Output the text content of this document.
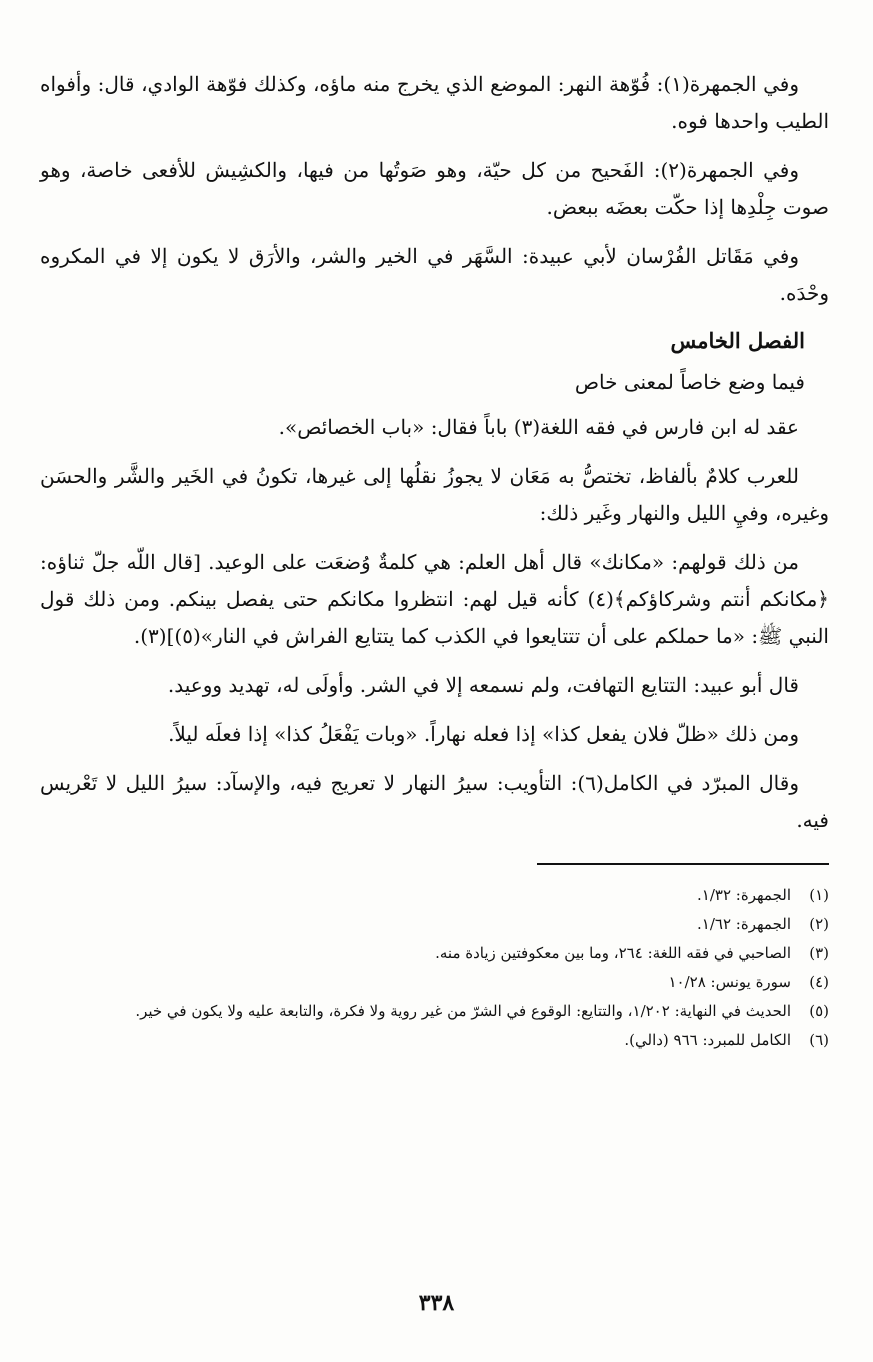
وفي الجمهرة(١): فُوّهة النهر: الموضع الذي يخرج منه ماؤه، وكذلك فوّهة الوادي، قال: وأفواه الطيب واحدها فوه.

وفي الجمهرة(٢): الفَحيح من كل حيّة، وهو صَوتُها من فيها، والكشِيش للأفعى خاصة، وهو صوت جِلْدِها إذا حكّت بعضَه ببعض.

وفي مَقَاتل الفُرْسان لأبي عبيدة: السَّهَر في الخير والشر، والأرَق لا يكون إلا في المكروه وحْدَه.

الفصل الخامس

فيما وضع خاصاً لمعنى خاص

عقد له ابن فارس في فقه اللغة(٣) باباً فقال: «باب الخصائص».

للعرب كلامٌ بألفاظ، تختصُّ به مَعَان لا يجوزُ نقلُها إلى غيرها، تكونُ في الخَير والشَّر والحسَن وغيره، وفيِ الليل والنهار وغَير ذلك:

من ذلك قولهم: «مكانك» قال أهل العلم: هي كلمةٌ وُضعَت على الوعيد. [قال اللّه جلّ ثناؤه: ﴿مكانكم أنتم وشركاؤكم﴾(٤) كأنه قيل لهم: انتظروا مكانكم حتى يفصل بينكم. ومن ذلك قول النبي ﷺ: «ما حملكم على أن تتتايعوا في الكذب كما يتتايع الفراش في النار»(٥)](٣).

قال أبو عبيد: التتايع التهافت، ولم نسمعه إلا في الشر. وأولَى له، تهديد ووعيد.

ومن ذلك «ظلّ فلان يفعل كذا» إذا فعله نهاراً. «وبات يَفْعَلُ كذا» إذا فعلَه ليلاً.

وقال المبرّد في الكامل(٦): التأويب: سيرُ النهار لا تعريج فيه، والإسآد: سيرُ الليل لا تَعْريس فيه.

(١)
الجمهرة: ١/٣٢.
(٢)
الجمهرة: ١/٦٢.
(٣)
الصاحبي في فقه اللغة: ٢٦٤، وما بين معكوفتين زيادة منه.
(٤)
سورة يونس: ١٠/٢٨
(٥)
الحديث في النهاية: ١/٢٠٢، والتتايع: الوقوع في الشرّ من غير روية ولا فكرة، والتابعة عليه ولا يكون في خير.
(٦)
الكامل للمبرد: ٩٦٦ (دالي).
٣٣٨
